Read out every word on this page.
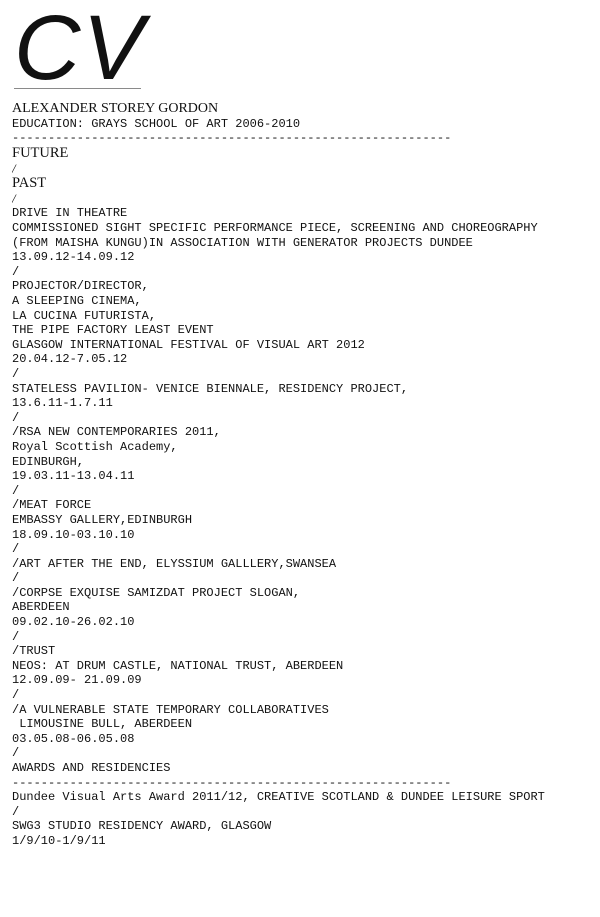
CV
ALEXANDER STOREY GORDON
EDUCATION: GRAYS SCHOOL OF ART 2006-2010
-------------------------------------------------------------
FUTURE
/
PAST
/
DRIVE IN THEATRE
COMMISSIONED SIGHT SPECIFIC PERFORMANCE PIECE, SCREENING AND CHOREOGRAPHY
(FROM MAISHA KUNGU)IN ASSOCIATION WITH GENERATOR PROJECTS DUNDEE
13.09.12-14.09.12
/
PROJECTOR/DIRECTOR,
A SLEEPING CINEMA,
LA CUCINA FUTURISTA,
THE PIPE FACTORY LEAST EVENT
GLASGOW INTERNATIONAL FESTIVAL OF VISUAL ART 2012
20.04.12-7.05.12
/
STATELESS PAVILION- VENICE BIENNALE, RESIDENCY PROJECT,
13.6.11-1.7.11
/
/RSA NEW CONTEMPORARIES 2011,
Royal Scottish Academy,
EDINBURGH,
19.03.11-13.04.11
/
/MEAT FORCE
EMBASSY GALLERY,EDINBURGH
18.09.10-03.10.10
/
/ART AFTER THE END, ELYSSIUM GALLLERY,SWANSEA
/
/CORPSE EXQUISE SAMIZDAT PROJECT SLOGAN,
ABERDEEN
09.02.10-26.02.10
/
/TRUST
NEOS: AT DRUM CASTLE, NATIONAL TRUST, ABERDEEN
12.09.09- 21.09.09
/
/A VULNERABLE STATE TEMPORARY COLLABORATIVES
LIMOUSINE BULL, ABERDEEN
03.05.08-06.05.08
/
AWARDS AND RESIDENCIES
-------------------------------------------------------------
Dundee Visual Arts Award 2011/12, CREATIVE SCOTLAND & DUNDEE LEISURE SPORT
/
SWG3 STUDIO RESIDENCY AWARD, GLASGOW
1/9/10-1/9/11
